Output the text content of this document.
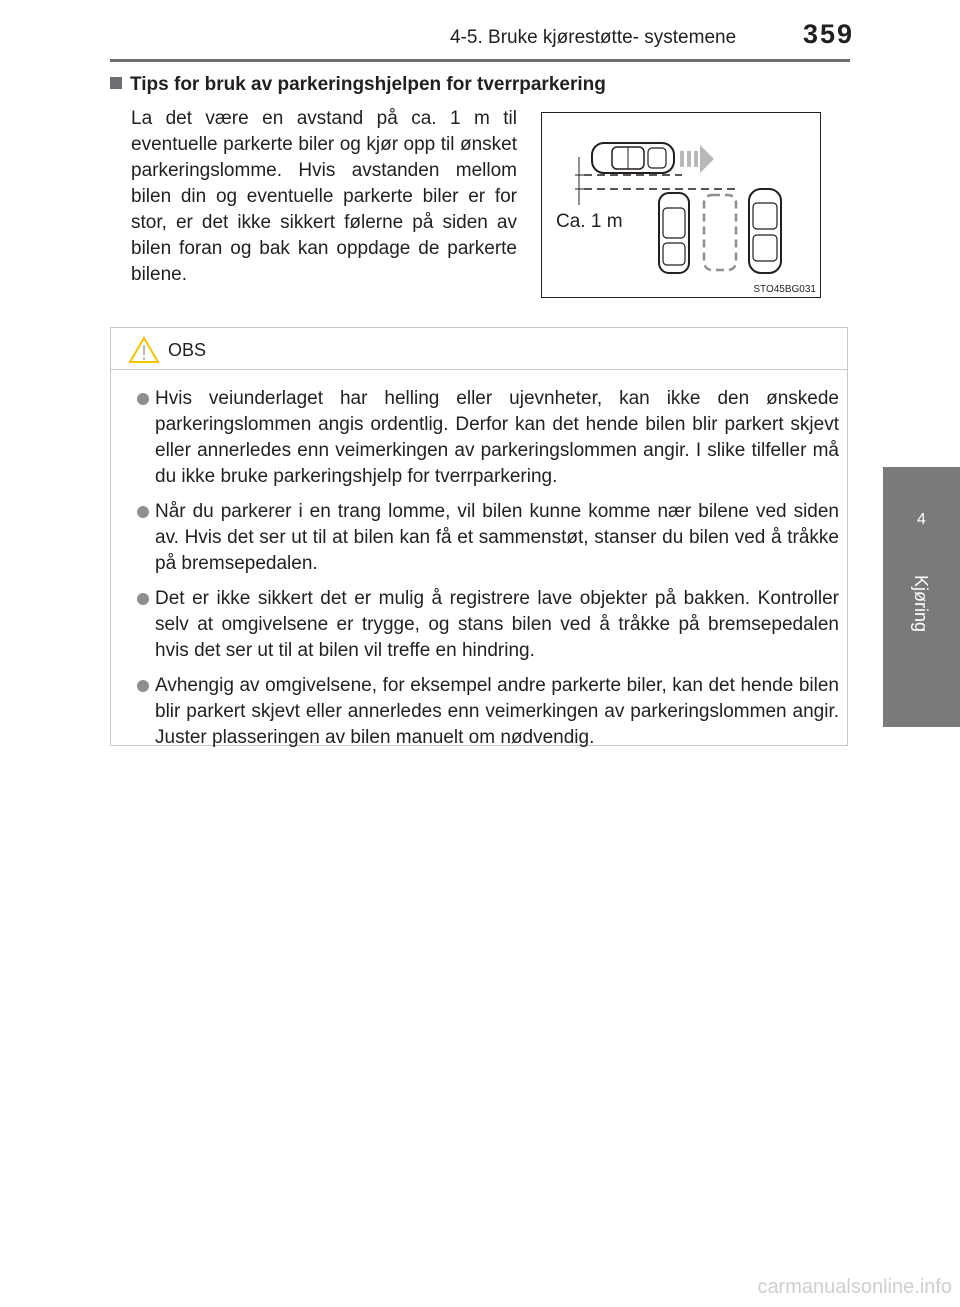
4-5. Bruke kjørestøtte- systemene 359
4
Kjøring
Tips for bruk av parkeringshjelpen for tverrparkering
La det være en avstand på ca. 1 m til eventuelle parkerte biler og kjør opp til ønsket parkeringslomme. Hvis avstanden mellom bilen din og eventuelle parkerte biler er for stor, er det ikke sikkert følerne på siden av bilen foran og bak kan oppdage de parkerte bilene.
Ca. 1 m
STO45BG031
OBS
Hvis veiunderlaget har helling eller ujevnheter, kan ikke den ønskede parkeringslommen angis ordentlig. Derfor kan det hende bilen blir parkert skjevt eller annerledes enn veimerkingen av parkeringslommen angir. I slike tilfeller må du ikke bruke parkeringshjelp for tverrparkering.
Når du parkerer i en trang lomme, vil bilen kunne komme nær bilene ved siden av. Hvis det ser ut til at bilen kan få et sammenstøt, stanser du bilen ved å tråkke på bremsepedalen.
Det er ikke sikkert det er mulig å registrere lave objekter på bakken. Kontroller selv at omgivelsene er trygge, og stans bilen ved å tråkke på bremsepedalen hvis det ser ut til at bilen vil treffe en hindring.
Avhengig av omgivelsene, for eksempel andre parkerte biler, kan det hende bilen blir parkert skjevt eller annerledes enn veimerkingen av parkeringslommen angir. Juster plasseringen av bilen manuelt om nødvendig.
carmanualsonline.info
